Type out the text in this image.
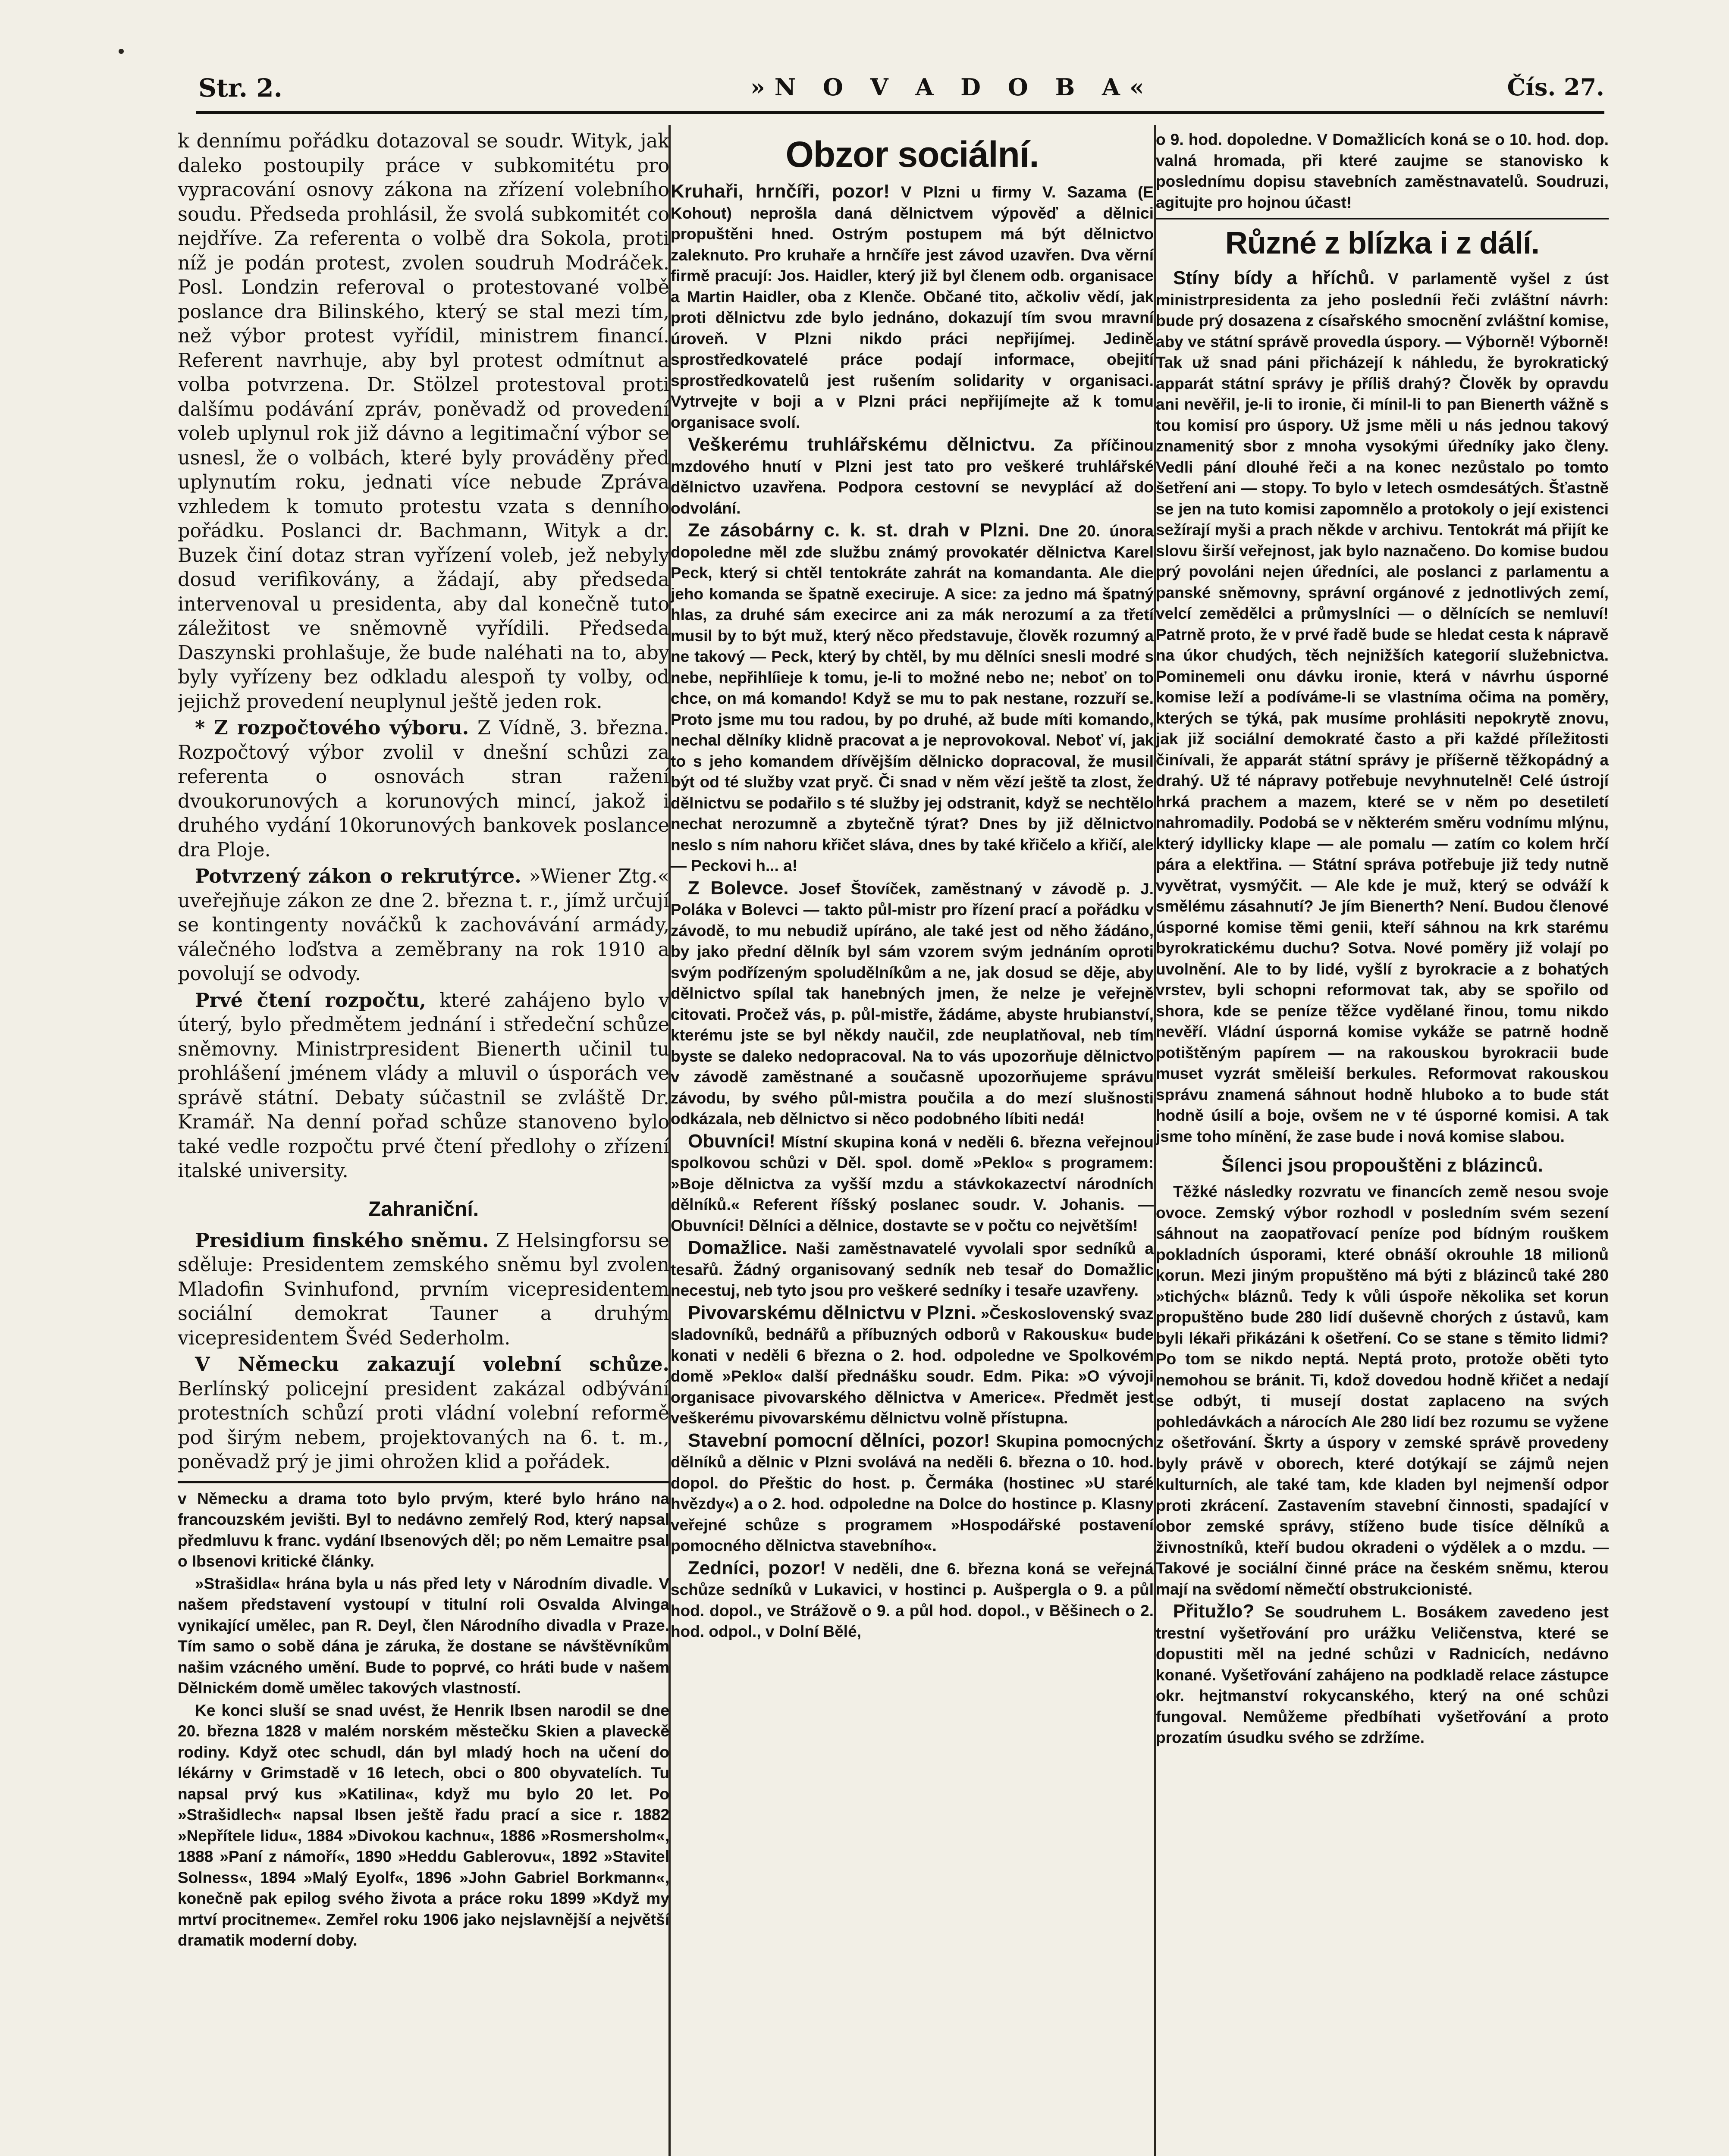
Str. 2.	»N O V A D O B A«	Čís. 27.

k dennímu pořádku dotazoval se soudr. Wityk, jak daleko postoupily práce v subkomitétu pro vypracování osnovy zákona na zřízení volebního soudu. Předseda prohlásil, že svolá subkomitét co nejdříve. Za referenta o volbě dra Sokola, proti níž je podán protest, zvolen soudruh Modráček. Posl. Londzin referoval o protestované volbě poslance dra Bilinského, který se stal mezi tím, než výbor protest vyřídil, ministrem financí. Referent navrhuje, aby byl protest odmítnut a volba potvrzena. Dr. Stölzel protestoval proti dalšímu podávání zpráv, poněvadž od provedení voleb uplynul rok již dávno a legitimační výbor se usnesl, že o volbách, které byly prováděny před uplynutím roku, jednati více nebude Zpráva vzhledem k tomuto protestu vzata s denního pořádku. Poslanci dr. Bachmann, Wityk a dr. Buzek činí dotaz stran vyřízení voleb, jež nebyly dosud verifikovány, a žádají, aby předseda intervenoval u presidenta, aby dal konečně tuto záležitost ve sněmovně vyřídili. Předseda Daszynski prohlašuje, že bude naléhati na to, aby byly vyřízeny bez odkladu alespoň ty volby, od jejichž provedení neuplynul ještě jeden rok.

* Z rozpočtového výboru. Z Vídně, 3. března. Rozpočtový výbor zvolil v dnešní schůzi za referenta o osnovách stran ražení dvoukorunových a korunových mincí, jakož i druhého vydání 10korunových bankovek poslance dra Ploje.

Potvrzený zákon o rekrutýrce. »Wiener Ztg.« uveřejňuje zákon ze dne 2. března t. r., jímž určují se kontingenty nováčků k zachovávání armády, válečného loďstva a zeměbrany na rok 1910 a povolují se odvody.

Prvé čtení rozpočtu, které zahájeno bylo v úterý, bylo předmětem jednání i středeční schůze sněmovny. Ministrpresident Bienerth učinil tu prohlášení jménem vlády a mluvil o úsporách ve správě státní. Debaty súčastnil se zvláště Dr. Kramář. Na denní pořad schůze stanoveno bylo také vedle rozpočtu prvé čtení předlohy o zřízení italské university.

Zahraniční.

Presidium finského sněmu. Z Helsingforsu se sděluje: Presidentem zemského sněmu byl zvolen Mladofin Svinhufond, prvním vicepresidentem sociální demokrat Tauner a druhým vicepresidentem Švéd Sederholm.

V Německu zakazují volební schůze. Berlínský policejní president zakázal odbývání protestních schůzí proti vládní volební reformě pod širým nebem, projektovaných na 6. t. m., poněvadž prý je jimi ohrožen klid a pořádek.

v Německu a drama toto bylo prvým, které bylo hráno na francouzském jevišti. Byl to nedávno zemřelý Rod, který napsal předmluvu k franc. vydání Ibsenových děl; po něm Lemaitre psal o Ibsenovi kritické články.

»Strašidla« hrána byla u nás před lety v Národním divadle. V našem představení vystoupí v titulní roli Osvalda Alvinga vynikající umělec, pan R. Deyl, člen Národního divadla v Praze. Tím samo o sobě dána je záruka, že dostane se návštěvníkům našim vzácného umění. Bude to poprvé, co hráti bude v našem Dělnickém domě umělec takových vlastností.

Ke konci sluší se snad uvést, že Henrik Ibsen narodil se dne 20. března 1828 v malém norském městečku Skien a plaveckě rodiny. Když otec schudl, dán byl mladý hoch na učení do lékárny v Grimstadě v 16 letech, obci o 800 obyvatelích. Tu napsal prvý kus »Katilina«, když mu bylo 20 let. Po »Strašidlech« napsal Ibsen ještě řadu prací a sice r. 1882 »Nepřítele lidu«, 1884 »Divokou kachnu«, 1886 »Rosmersholm«, 1888 »Paní z námoří«, 1890 »Heddu Gablerovu«, 1892 »Stavitel Solness«, 1894 »Malý Eyolf«, 1896 »John Gabriel Borkmann«, konečně pak epilog svého života a práce roku 1899 »Když my mrtví procitneme«. Zemřel roku 1906 jako nejslavnější a největší dramatik moderní doby.

Obzor sociální.

Kruhaři, hrnčíři, pozor! V Plzni u firmy V. Sazama (E Kohout) neprošla daná dělnictvem výpověď a dělnici propuštěni hned. Ostrým postupem má být dělnictvo zaleknuto. Pro kruhaře a hrnčíře jest závod uzavřen. Dva věrní firmě pracují: Jos. Haidler, který již byl členem odb. organisace a Martin Haidler, oba z Klenče. Občané tito, ačkoliv vědí, jak proti dělnictvu zde bylo jednáno, dokazují tím svou mravní úroveň. V Plzni nikdo práci nepřijímej. Jedině sprostředkovatelé práce podají informace, obejití sprostředkovatelů jest rušením solidarity v organisaci. Vytrvejte v boji a v Plzni práci nepřijímejte až k tomu organisace svolí.

Veškerému truhlářskému dělnictvu. Za příčinou mzdového hnutí v Plzni jest tato pro veškeré truhlářské dělnictvo uzavřena. Podpora cestovní se nevyplácí až do odvolání.

Ze zásobárny c. k. st. drah v Plzni. Dne 20. února dopoledne měl zde službu známý provokatér dělnictva Karel Peck, který si chtěl tentokráte zahrát na komandanta. Ale die jeho komanda se špatně execiruje. A sice: za jedno má špatný hlas, za druhé sám execirce ani za mák nerozumí a za třetí musil by to být muž, který něco představuje, člověk rozumný a ne takový — Peck, který by chtěl, by mu dělníci snesli modré s nebe, nepřihlíieje k tomu, je-li to možné nebo ne; neboť on to chce, on má komando! Když se mu to pak nestane, rozzuří se. Proto jsme mu tou radou, by po druhé, až bude míti komando, nechal dělníky klidně pracovat a je neprovokoval. Neboť ví, jak to s jeho komandem dřívějším dělnicko dopracoval, že musil být od té služby vzat pryč. Či snad v něm vězí ještě ta zlost, že dělnictvu se podařilo s té služby jej odstranit, když se nechtělo nechat nerozumně a zbytečně týrat? Dnes by již dělnictvo neslo s ním nahoru křičet sláva, dnes by také křičelo a křičí, ale — Peckovi h... a!

Z Bolevce. Josef Štovíček, zaměstnaný v závodě p. J. Poláka v Bolevci — takto půl-mistr pro řízení prací a pořádku v závodě, to mu nebudiž upíráno, ale také jest od něho žádáno, by jako přední dělník byl sám vzorem svým jednáním oproti svým podřízeným spoludělníkům a ne, jak dosud se děje, aby dělnictvo spílal tak hanebných jmen, že nelze je veřejně citovati. Pročež vás, p. půl-mistře, žádáme, abyste hrubianství, kterému jste se byl někdy naučil, zde neuplatňoval, neb tím byste se daleko nedopracoval. Na to vás upozorňuje dělnictvo v závodě zaměstnané a současně upozorňujeme správu závodu, by svého půl-mistra poučila a do mezí slušnosti odkázala, neb dělnictvo si něco podobného líbiti nedá!

Obuvníci! Místní skupina koná v neděli 6. března veřejnou spolkovou schůzi v Děl. spol. domě »Peklo« s programem: »Boje dělnictva za vyšší mzdu a stávkokazectví národních dělníků.« Referent říšský poslanec soudr. V. Johanis. — Obuvníci! Dělníci a dělnice, dostavte se v počtu co největším!

Domažlice. Naši zaměstnavatelé vyvolali spor sedníků a tesařů. Žádný organisovaný sedník neb tesař do Domažlic necestuj, neb tyto jsou pro veškeré sedníky i tesaře uzavřeny.

Pivovarskému dělnictvu v Plzni. »Československý svaz sladovníků, bednářů a příbuzných odborů v Rakousku« bude konati v neděli 6 března o 2. hod. odpoledne ve Spolkovém domě »Peklo« další přednášku soudr. Edm. Pika: »O vývoji organisace pivovarského dělnictva v Americe«. Předmět jest veškerému pivovarskému dělnictvu volně přístupna.

Stavební pomocní dělníci, pozor! Skupina pomocných dělníků a dělnic v Plzni svolává na neděli 6. března o 10. hod. dopol. do Přeštic do host. p. Čermáka (hostinec »U staré hvězdy«) a o 2. hod. odpoledne na Dolce do hostince p. Klasny veřejné schůze s programem »Hospodářské postavení pomocného dělnictva stavebního«.

Zedníci, pozor! V neděli, dne 6. března koná se veřejná schůze sedníků v Lukavici, v hostinci p. Aušpergla o 9. a půl hod. dopol., ve Strážově o 9. a půl hod. dopol., v Běšinech o 2. hod. odpol., v Dolní Bělé,

o 9. hod. dopoledne. V Domažlicích koná se o 10. hod. dop. valná hromada, při které zaujme se stanovisko k poslednímu dopisu stavebních zaměstnavatelů. Soudruzi, agitujte pro hojnou účast!

Různé z blízka i z dálí.

Stíny bídy a hříchů. V parlamentě vyšel z úst ministrpresidenta za jeho posledníi řeči zvláštní návrh: bude prý dosazena z císařského smocnění zvláštní komise, aby ve státní správě provedla úspory. — Výborně! Výborně! Tak už snad páni přicházejí k náhledu, že byrokratický apparát státní správy je příliš drahý? Člověk by opravdu ani nevěřil, je-li to ironie, či mínil-li to pan Bienerth vážně s tou komisí pro úspory. Už jsme měli u nás jednou takový znamenitý sbor z mnoha vysokými úředníky jako členy. Vedli pání dlouhé řeči a na konec nezůstalo po tomto šetření ani — stopy. To bylo v letech osmdesátých. Šťastně se jen na tuto komisi zapomnělo a protokoly o její existenci sežírají myši a prach někde v archivu. Tentokrát má přijít ke slovu širší veřejnost, jak bylo naznačeno. Do komise budou prý povoláni nejen úředníci, ale poslanci z parlamentu a panské sněmovny, správní orgánové z jednotlivých zemí, velcí zemědělci a průmyslníci — o dělnících se nemluví! Patrně proto, že v prvé řadě bude se hledat cesta k nápravě na úkor chudých, těch nejnižších kategorií služebnictva. Pominemeli onu dávku ironie, která v návrhu úsporné komise leží a podíváme-li se vlastníma očima na poměry, kterých se týká, pak musíme prohlásiti nepokrytě znovu, jak již sociální demokraté často a při každé příležitosti činívali, že apparát státní správy je příšerně těžkopádný a drahý. Už té nápravy potřebuje nevyhnutelně! Celé ústrojí hrká prachem a mazem, které se v něm po desetiletí nahromadily. Podobá se v některém směru vodnímu mlýnu, který idyllicky klape — ale pomalu — zatím co kolem hrčí pára a elektřina. — Státní správa potřebuje již tedy nutně vyvětrat, vysmýčit. — Ale kde je muž, který se odváží k smělému zásahnutí? Je jím Bienerth? Není. Budou členové úsporné komise těmi genii, kteří sáhnou na krk starému byrokratickému duchu? Sotva. Nové poměry již volají po uvolnění. Ale to by lidé, vyšlí z byrokracie a z bohatých vrstev, byli schopni reformovat tak, aby se spořilo od shora, kde se peníze těžce vydělané řinou, tomu nikdo nevěří. Vládní úsporná komise vykáže se patrně hodně potištěným papírem — na rakouskou byrokracii bude muset vyzrát směleiší berkules. Reformovat rakouskou správu znamená sáhnout hodně hluboko a to bude stát hodně úsilí a boje, ovšem ne v té úsporné komisi. A tak jsme toho mínění, že zase bude i nová komise slabou.

Šílenci jsou propouštěni z blázinců.

Těžké následky rozvratu ve financích země nesou svoje ovoce. Zemský výbor rozhodl v posledním svém sezení sáhnout na zaopatřovací peníze pod bídným rouškem pokladních úsporami, které obnáší okrouhle 18 milionů korun. Mezi jiným propuštěno má býti z blázinců také 280 »tichých« bláznů. Tedy k vůli úspoře několika set korun propuštěno bude 280 lidí duševně chorých z ústavů, kam byli lékaři přikázáni k ošetření. Co se stane s těmito lidmi? Po tom se nikdo neptá. Neptá proto, protože oběti tyto nemohou se bránit. Ti, kdož dovedou hodně křičet a nedají se odbýt, ti musejí dostat zaplaceno na svých pohledávkách a nárocích Ale 280 lidí bez rozumu se vyžene z ošetřování. Škrty a úspory v zemské správě provedeny byly právě v oborech, které dotýkají se zájmů nejen kulturních, ale také tam, kde kladen byl nejmenší odpor proti zkrácení. Zastavením stavební činnosti, spadající v obor zemské správy, stíženo bude tisíce dělníků a živnostníků, kteří budou okradeni o výdělek a o mzdu. — Takové je sociální činné práce na českém sněmu, kterou mají na svědomí němečtí obstrukcionisté.

Přitužlo? Se soudruhem L. Bosákem zavedeno jest trestní vyšetřování pro urážku Veličenstva, které se dopustiti měl na jedné schůzi v Radnicích, nedávno konané. Vyšetřování zahájeno na podkladě relace zástupce okr. hejtmanství rokycanského, který na oné schůzi fungoval. Nemůžeme předbíhati vyšetřování a proto prozatím úsudku svého se zdržíme.
